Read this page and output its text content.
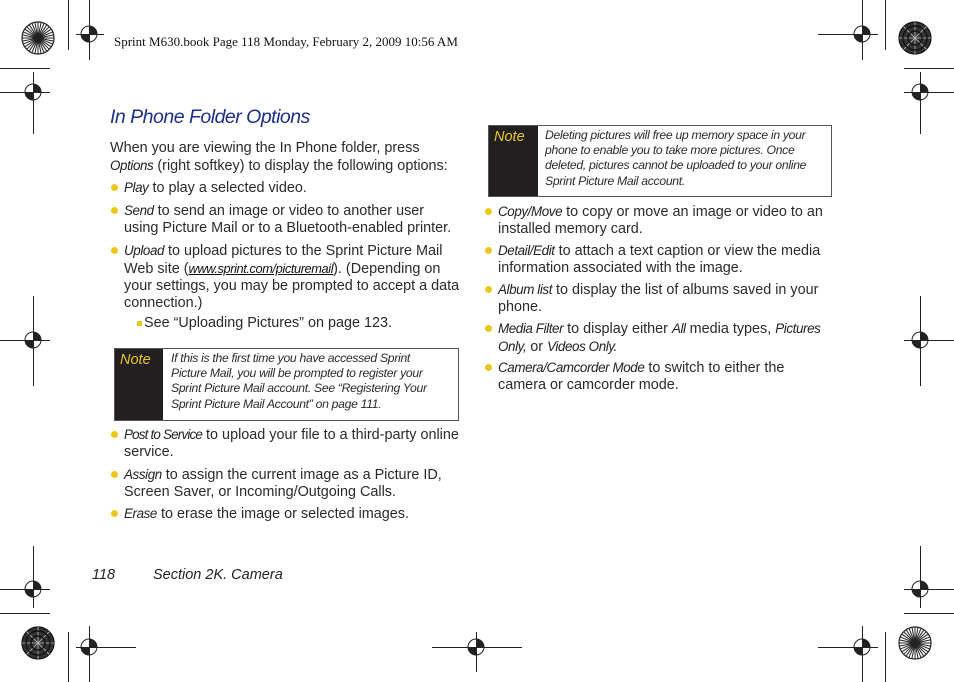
Sprint M630.book Page 118 Monday, February 2, 2009 10:56 AM
In Phone Folder Options
When you are viewing the In Phone folder, press
Options (right softkey) to display the following options:
Play to play a selected video.
Send to send an image or video to another user
using Picture Mail or to a Bluetooth-enabled printer.
Upload to upload pictures to the Sprint Picture Mail
Web site (www.sprint.com/picturemail). (Depending on
your settings, you may be prompted to accept a data
connection.)
See “Uploading Pictures” on page 123.
Note If this is the first time you have accessed Sprint
Picture Mail, you will be prompted to register your
Sprint Picture Mail account. See “Registering Your
Sprint Picture Mail Account” on page 111.
Post to Service to upload your file to a third-party online
service.
Assign to assign the current image as a Picture ID,
Screen Saver, or Incoming/Outgoing Calls.
Erase to erase the image or selected images.
Note Deleting pictures will free up memory space in your
phone to enable you to take more pictures. Once
deleted, pictures cannot be uploaded to your online
Sprint Picture Mail account.
Copy/Move to copy or move an image or video to an
installed memory card.
Detail/Edit to attach a text caption or view the media
information associated with the image.
Album list to display the list of albums saved in your
phone.
Media Filter to display either All media types, Pictures
Only, or Videos Only.
Camera/Camcorder Mode to switch to either the
camera or camcorder mode.
118	Section 2K. Camera
